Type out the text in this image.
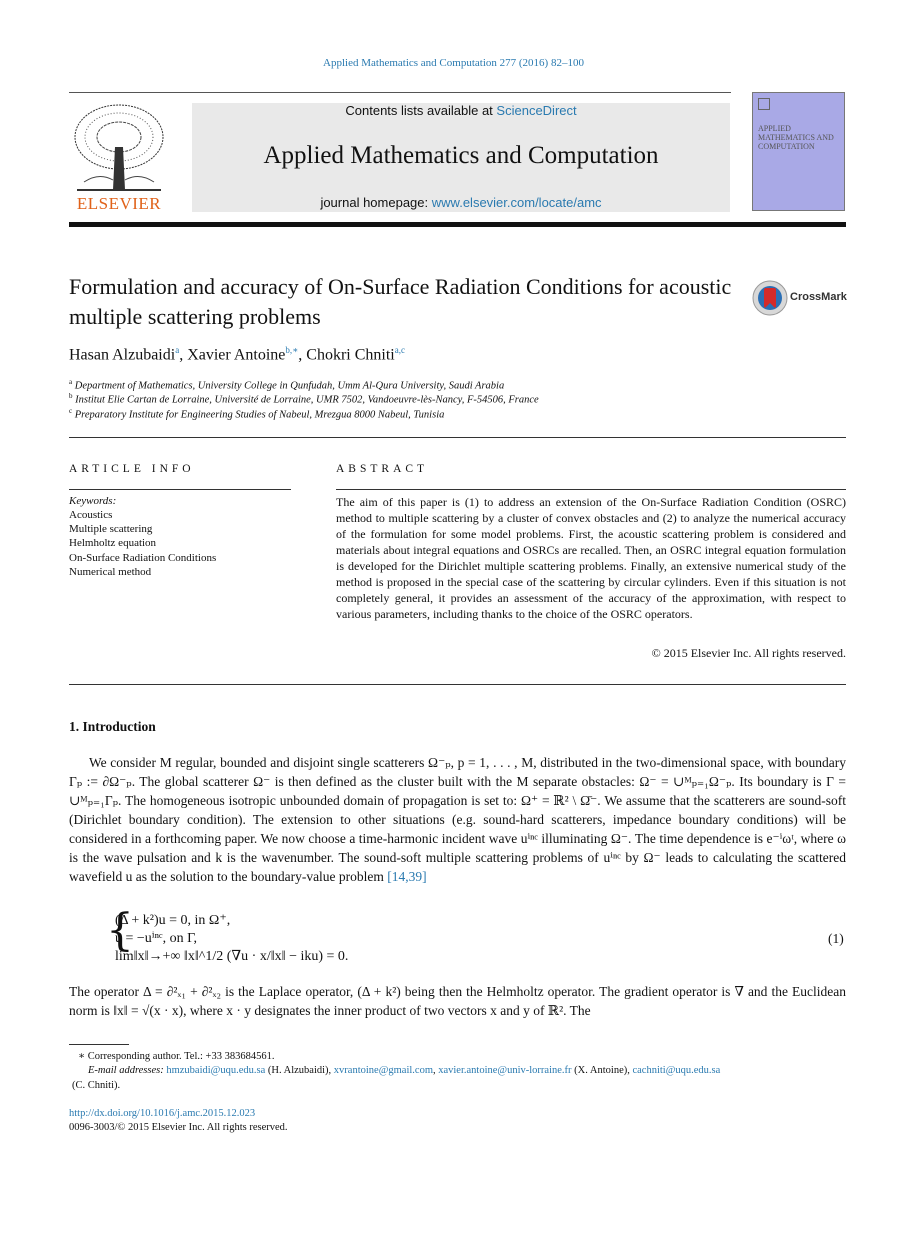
Applied Mathematics and Computation 277 (2016) 82–100
ELSEVIER
Contents lists available at ScienceDirect
Applied Mathematics and Computation
journal homepage: www.elsevier.com/locate/amc
APPLIED MATHEMATICS AND COMPUTATION
Formulation and accuracy of On-Surface Radiation Conditions for acoustic multiple scattering problems
CrossMark
Hasan Alzubaidi$^a$, Xavier Antoine$^{b,∗}$, Chokri Chniti$^{a,c}$
$^a$ Department of Mathematics, University College in Qunfudah, Umm Al-Qura University, Saudi Arabia
$^b$ Institut Elie Cartan de Lorraine, Université de Lorraine, UMR 7502, Vandoeuvre-lès-Nancy, F-54506, France
$^c$ Preparatory Institute for Engineering Studies of Nabeul, Mrezgua 8000 Nabeul, Tunisia
ARTICLE INFO
Keywords:
Acoustics
Multiple scattering
Helmholtz equation
On-Surface Radiation Conditions
Numerical method
ABSTRACT
The aim of this paper is (1) to address an extension of the On-Surface Radiation Condition (OSRC) method to multiple scattering by a cluster of convex obstacles and (2) to analyze the numerical accuracy of the formulation for some model problems. First, the acoustic scattering problem is considered and materials about integral equations and OSRCs are recalled. Then, an OSRC integral equation formulation is developed for the Dirichlet multiple scattering problems. Finally, an extensive numerical study of the method is proposed in the special case of the scattering by circular cylinders. Even if this situation is not completely general, it provides an assessment of the accuracy of the approximation, with respect to various parameters, including thanks to the choice of the OSRC operators.
© 2015 Elsevier Inc. All rights reserved.
1. Introduction
We consider M regular, bounded and disjoint single scatterers Ω⁻ₚ, p = 1, . . . , M, distributed in the two-dimensional space, with boundary Γₚ := ∂Ω⁻ₚ. The global scatterer Ω⁻ is then defined as the cluster built with the M separate obstacles: Ω⁻ = ∪ᴹₚ₌₁Ω⁻ₚ. Its boundary is Γ = ∪ᴹₚ₌₁Γₚ. The homogeneous isotropic unbounded domain of propagation is set to: Ω⁺ = ℝ² \ Ω̄⁻. We assume that the scatterers are sound-soft (Dirichlet boundary condition). The extension to other situations (e.g. sound-hard scatterers, impedance boundary conditions) will be considered in a forthcoming paper. We now choose a time-harmonic incident wave uⁱⁿᶜ illuminating Ω⁻. The time dependence is e⁻ⁱωᵗ, where ω is the wave pulsation and k is the wavenumber. The sound-soft multiple scattering problems of uⁱⁿᶜ by Ω⁻ leads to calculating the scattered wavefield u as the solution to the boundary-value problem [14,39]
{
(Δ + k²)u = 0, in Ω⁺,
u = −uⁱⁿᶜ, on Γ,
lim‖x‖→+∞ ‖x‖^1/2 (∇u · x/‖x‖ − iku) = 0.
(1)
The operator Δ = ∂²ₓ₁ + ∂²ₓ₂ is the Laplace operator, (Δ + k²) being then the Helmholtz operator. The gradient operator is ∇ and the Euclidean norm is ‖x‖ = √(x · x), where x · y designates the inner product of two vectors x and y of ℝ². The
∗ Corresponding author. Tel.: +33 383684561.
E-mail addresses: hmzubaidi@uqu.edu.sa (H. Alzubaidi), xvrantoine@gmail.com, xavier.antoine@univ-lorraine.fr (X. Antoine), cachniti@uqu.edu.sa
(C. Chniti).
http://dx.doi.org/10.1016/j.amc.2015.12.023
0096-3003/© 2015 Elsevier Inc. All rights reserved.
